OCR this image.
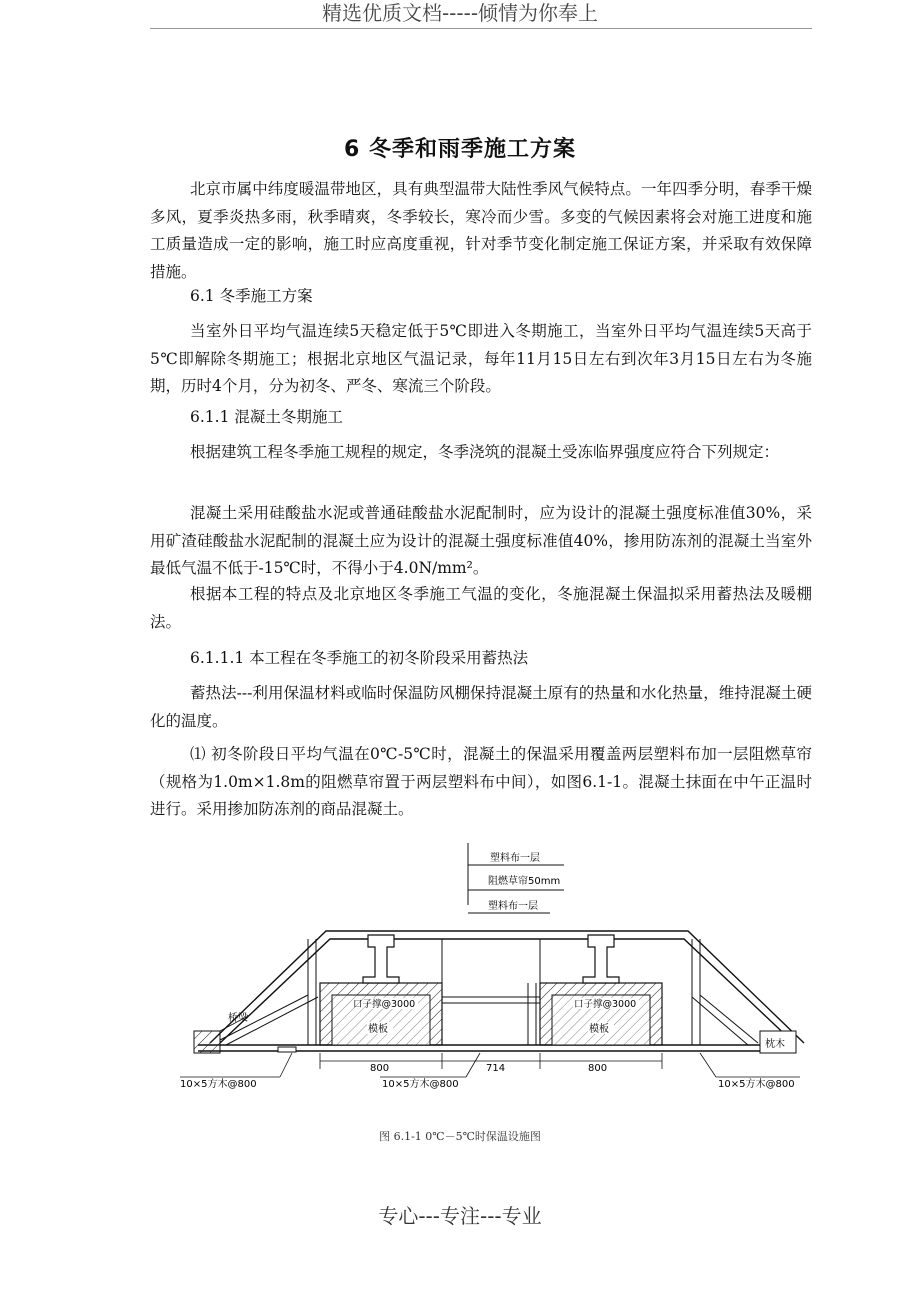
精选优质文档-----倾情为你奉上
6 冬季和雨季施工方案

北京市属中纬度暖温带地区，具有典型温带大陆性季风气候特点。一年四季分明，春季干燥多风，夏季炎热多雨，秋季晴爽，冬季较长，寒冷而少雪。多变的气候因素将会对施工进度和施工质量造成一定的影响，施工时应高度重视，针对季节变化制定施工保证方案，并采取有效保障措施。

6.1 冬季施工方案

当室外日平均气温连续5天稳定低于5℃即进入冬期施工，当室外日平均气温连续5天高于5℃即解除冬期施工；根据北京地区气温记录，每年11月15日左右到次年3月15日左右为冬施期，历时4个月，分为初冬、严冬、寒流三个阶段。

6.1.1 混凝土冬期施工

根据建筑工程冬季施工规程的规定，冬季浇筑的混凝土受冻临界强度应符合下列规定：

混凝土采用硅酸盐水泥或普通硅酸盐水泥配制时，应为设计的混凝土强度标准值30%，采用矿渣硅酸盐水泥配制的混凝土应为设计的混凝土强度标准值40%，掺用防冻剂的混凝土当室外最低气温不低于-15℃时，不得小于4.0N/mm²。

根据本工程的特点及北京地区冬季施工气温的变化，冬施混凝土保温拟采用蓄热法及暖棚法。

6.1.1.1 本工程在冬季施工的初冬阶段采用蓄热法

蓄热法---利用保温材料或临时保温防风棚保持混凝土原有的热量和水化热量，维持混凝土硬化的温度。

⑴ 初冬阶段日平均气温在0℃-5℃时，混凝土的保温采用覆盖两层塑料布加一层阻燃草帘（规格为1.0m×1.8m的阻燃草帘置于两层塑料布中间），如图6.1-1。混凝土抹面在中午正温时进行。采用掺加防冻剂的商品混凝土。

塑料布一层
阻燃草帘50mm
塑料布一层
桥梁
枕木
口子撑@3000
模板
口子撑@3000
模板
800	714	800
10×5方木@800	10×5方木@800	10×5方木@800
图 6.1-1 0℃－5℃时保温设施图
专心---专注---专业
